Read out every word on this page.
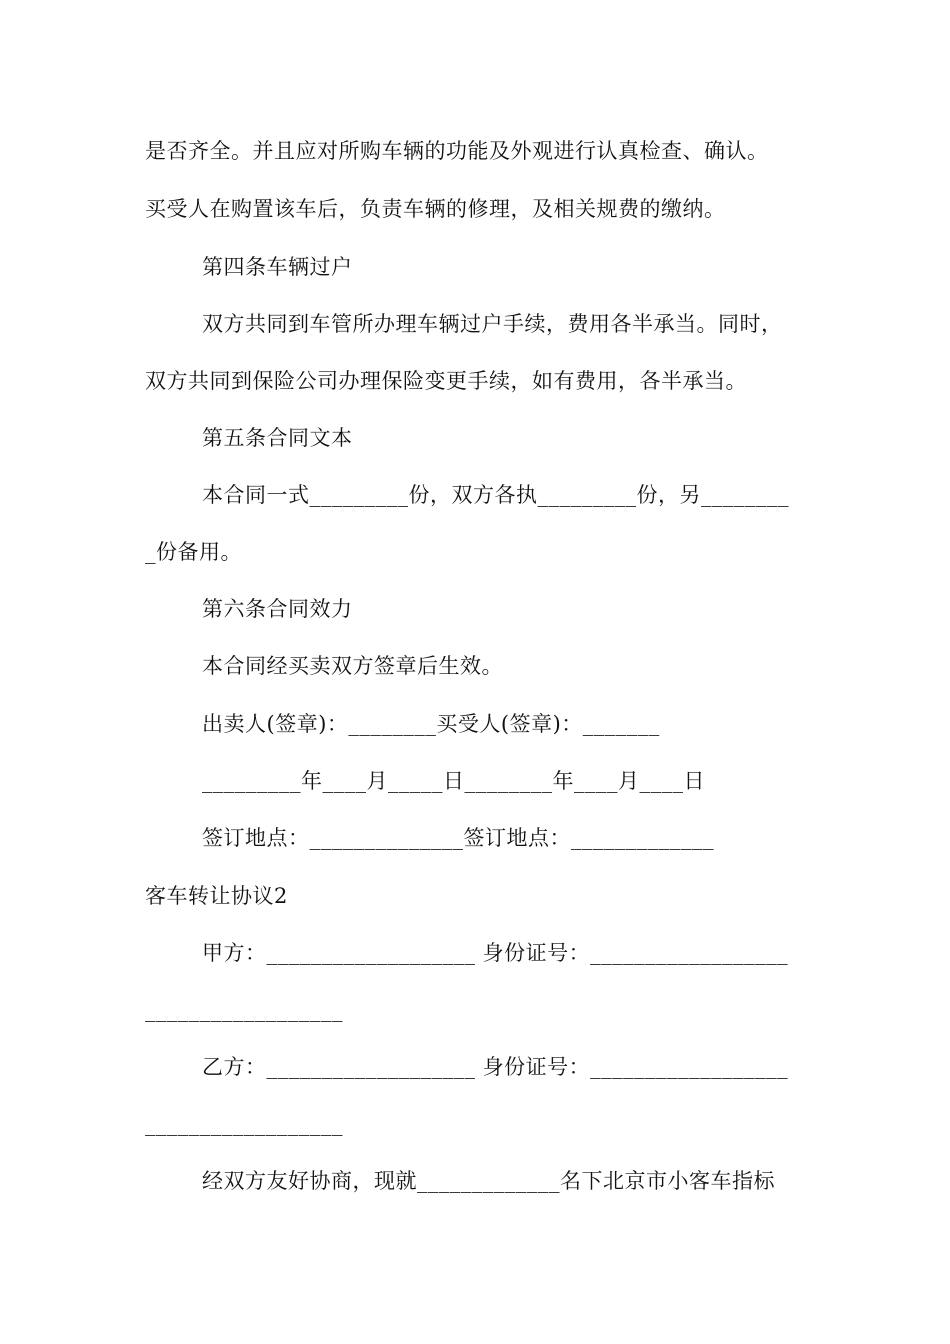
是否齐全。并且应对所购车辆的功能及外观进行认真检查、确认。
买受人在购置该车后，负责车辆的修理，及相关规费的缴纳。
第四条车辆过户
双方共同到车管所办理车辆过户手续，费用各半承当。同时，
双方共同到保险公司办理保险变更手续，如有费用，各半承当。
第五条合同文本
本合同一式_________份，双方各执_________份，另________
_份备用。
第六条合同效力
本合同经买卖双方签章后生效。
出卖人(签章)：________买受人(签章)：_______
_________年____月_____日________年____月____日
签订地点：______________签订地点：_____________
客车转让协议2
甲方：___________________ 身份证号：__________________
__________________
乙方：___________________ 身份证号：__________________
__________________
经双方友好协商，现就_____________名下北京市小客车指标
